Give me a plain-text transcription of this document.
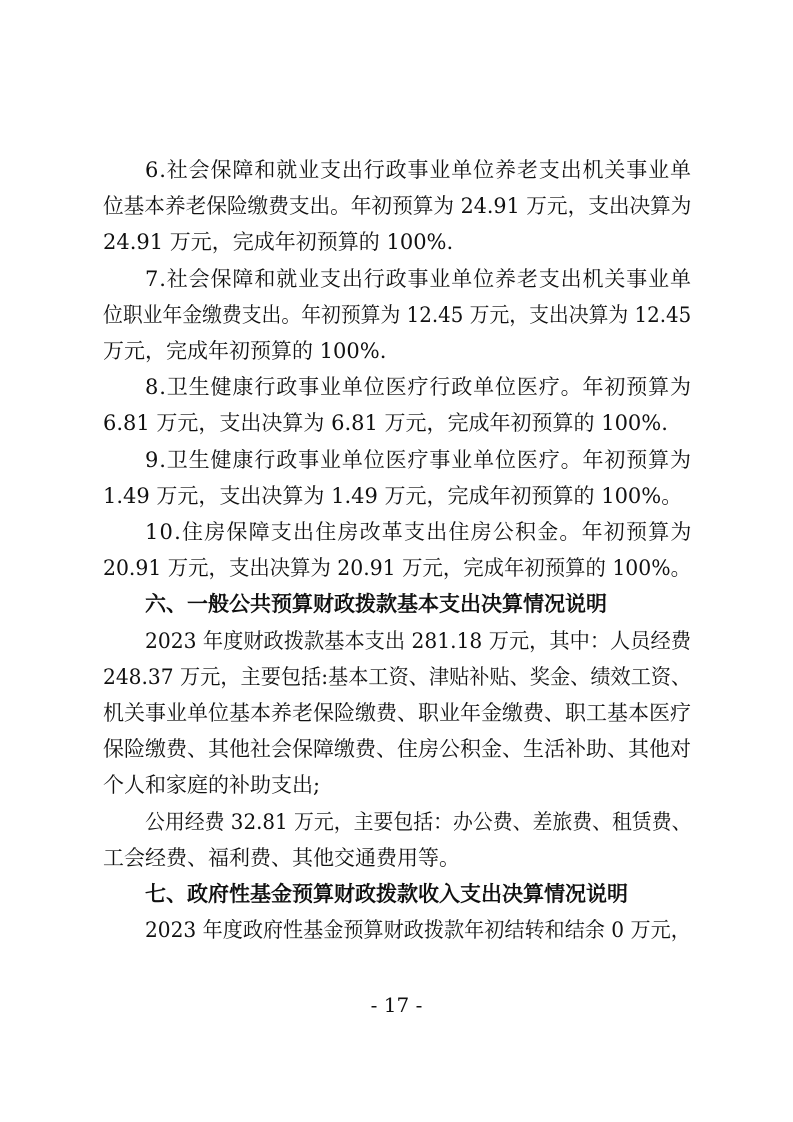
6.社会保障和就业支出行政事业单位养老支出机关事业单
位基本养老保险缴费支出。年初预算为 24.91 万元，支出决算为
24.91 万元，完成年初预算的 100%.
7.社会保障和就业支出行政事业单位养老支出机关事业单
位职业年金缴费支出。年初预算为 12.45 万元，支出决算为 12.45
万元，完成年初预算的 100%.
8.卫生健康行政事业单位医疗行政单位医疗。年初预算为
6.81 万元，支出决算为 6.81 万元，完成年初预算的 100%.
9.卫生健康行政事业单位医疗事业单位医疗。年初预算为
1.49 万元，支出决算为 1.49 万元，完成年初预算的 100%。
10.住房保障支出住房改革支出住房公积金。年初预算为
20.91 万元，支出决算为 20.91 万元，完成年初预算的 100%。
六、一般公共预算财政拨款基本支出决算情况说明
2023 年度财政拨款基本支出 281.18 万元，其中：人员经费
248.37 万元，主要包括:基本工资、津贴补贴、奖金、绩效工资、
机关事业单位基本养老保险缴费、职业年金缴费、职工基本医疗
保险缴费、其他社会保障缴费、住房公积金、生活补助、其他对
个人和家庭的补助支出;
公用经费 32.81 万元，主要包括：办公费、差旅费、租赁费、
工会经费、福利费、其他交通费用等。
七、政府性基金预算财政拨款收入支出决算情况说明
2023 年度政府性基金预算财政拨款年初结转和结余 0 万元，
- 17 -
